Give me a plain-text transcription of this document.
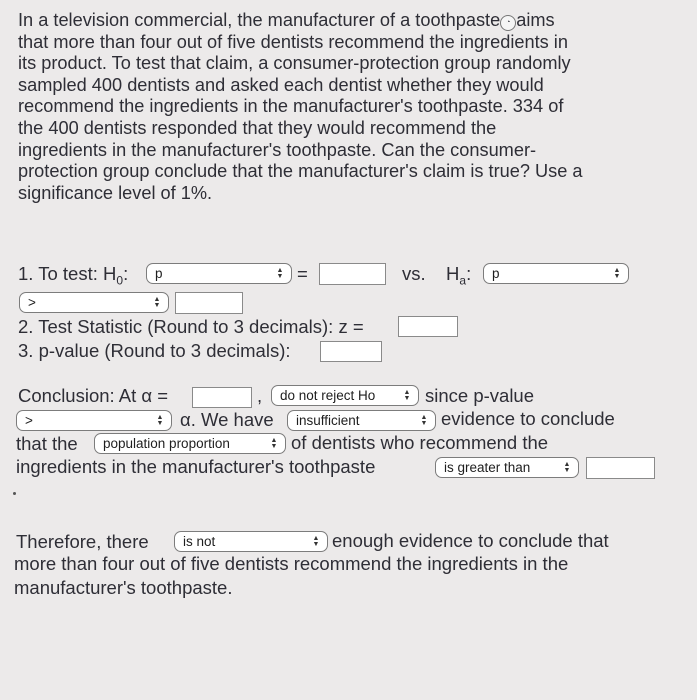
In a television commercial, the manufacturer of a toothpaste ◔ aims
that more than four out of five dentists recommend the ingredients in
its product. To test that claim, a consumer-protection group randomly
sampled 400 dentists and asked each dentist whether they would
recommend the ingredients in the manufacturer's toothpaste. 334 of
the 400 dentists responded that they would recommend the
ingredients in the manufacturer's toothpaste. Can the consumer-
protection group conclude that the manufacturer's claim is true? Use a
significance level of 1%.
1. To test: $H_0$: p	▲
▼ =	vs. $H_a$: p	▲
▼
>	▲
▼
2. Test Statistic (Round to 3 decimals): z =
3. p-value (Round to 3 decimals):
Conclusion: At α =	, do not reject Ho	▲
▼ since p-value
>	▲
▼ α. We have insufficient	▲
▼ evidence to conclude
that the population proportion	▲
▼ of dentists who recommend the
ingredients in the manufacturer's toothpaste	is greater than	▲
▼
Therefore, there	is not	▲
▼ enough evidence to conclude that
more than four out of five dentists recommend the ingredients in the
manufacturer's toothpaste.
